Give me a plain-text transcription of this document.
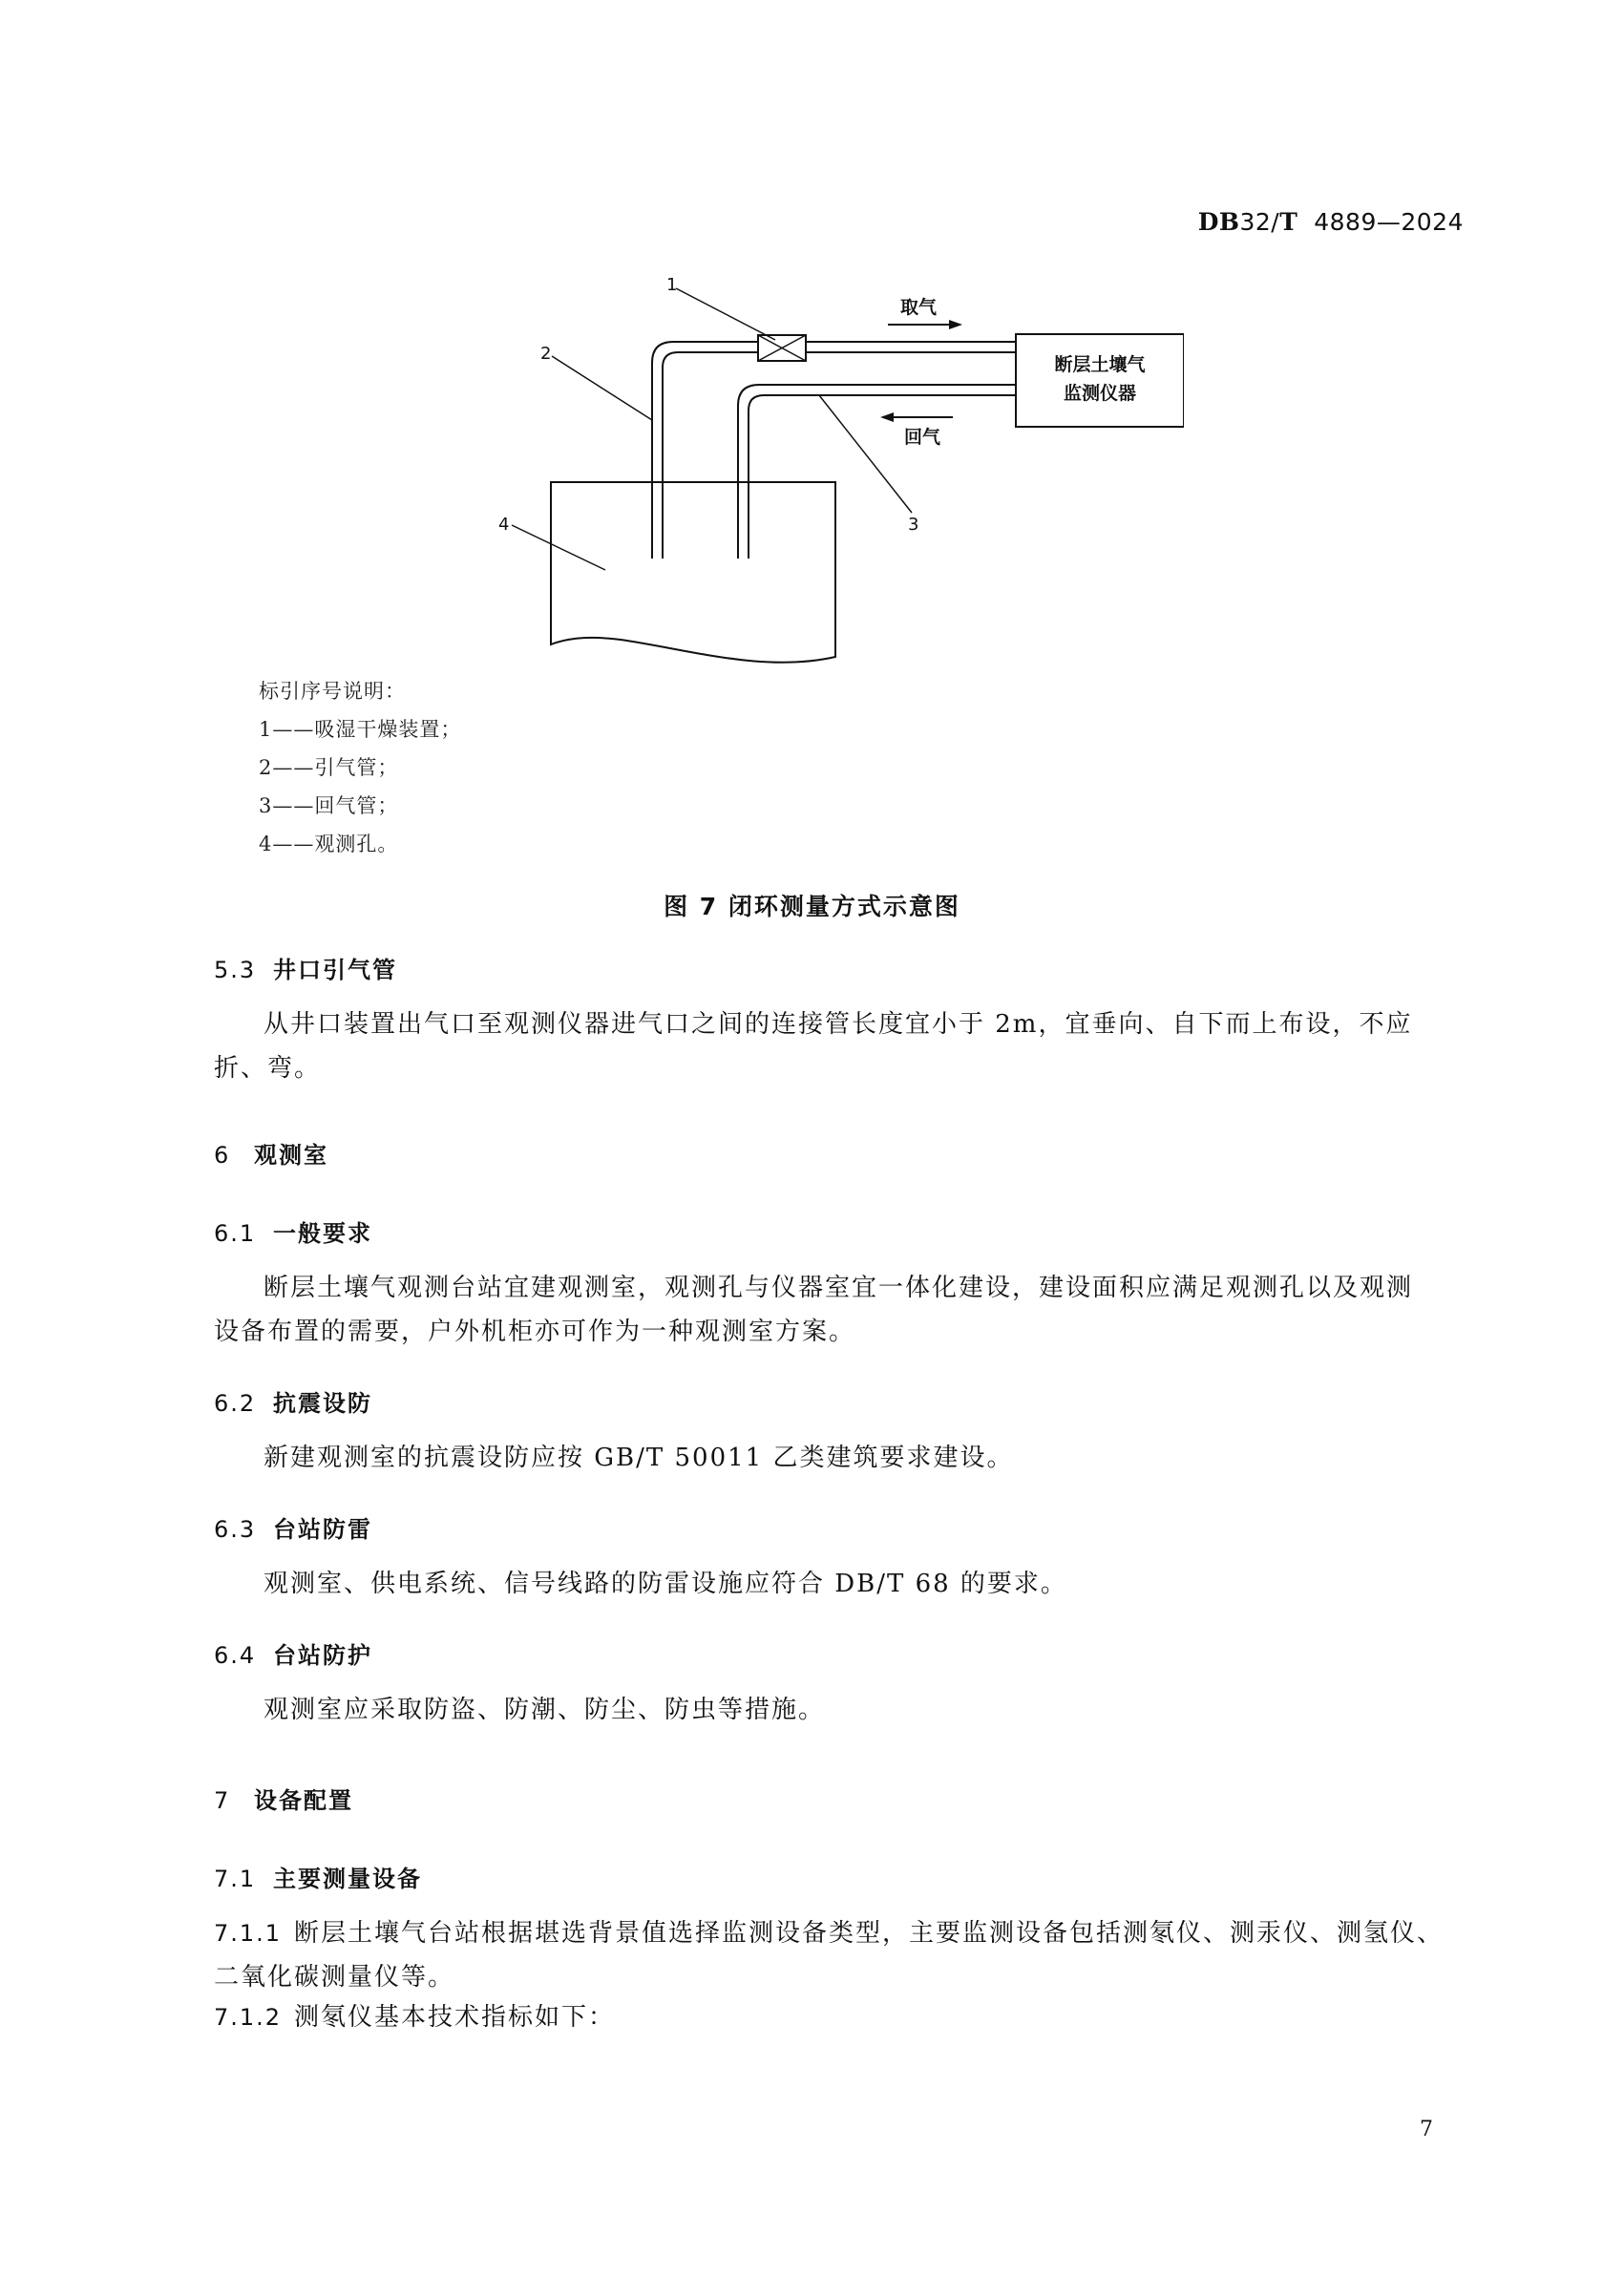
DB32/T 4889—2024
断层土壤气
监测仪器
取气
回气
1
2
3
4
标引序号说明：
1——吸湿干燥装置；
2——引气管；
3——回气管；
4——观测孔。
图 7 闭环测量方式示意图
5.3 井口引气管
从井口装置出气口至观测仪器进气口之间的连接管长度宜小于 2m，宜垂向、自下而上布设，不应
折、弯。
6 观测室
6.1 一般要求
断层土壤气观测台站宜建观测室，观测孔与仪器室宜一体化建设，建设面积应满足观测孔以及观测
设备布置的需要，户外机柜亦可作为一种观测室方案。
6.2 抗震设防
新建观测室的抗震设防应按 GB/T 50011 乙类建筑要求建设。
6.3 台站防雷
观测室、供电系统、信号线路的防雷设施应符合 DB/T 68 的要求。
6.4 台站防护
观测室应采取防盗、防潮、防尘、防虫等措施。
7 设备配置
7.1 主要测量设备
7.1.1 断层土壤气台站根据堪选背景值选择监测设备类型，主要监测设备包括测氡仪、测汞仪、测氢仪、
二氧化碳测量仪等。
7.1.2 测氡仪基本技术指标如下：
7
